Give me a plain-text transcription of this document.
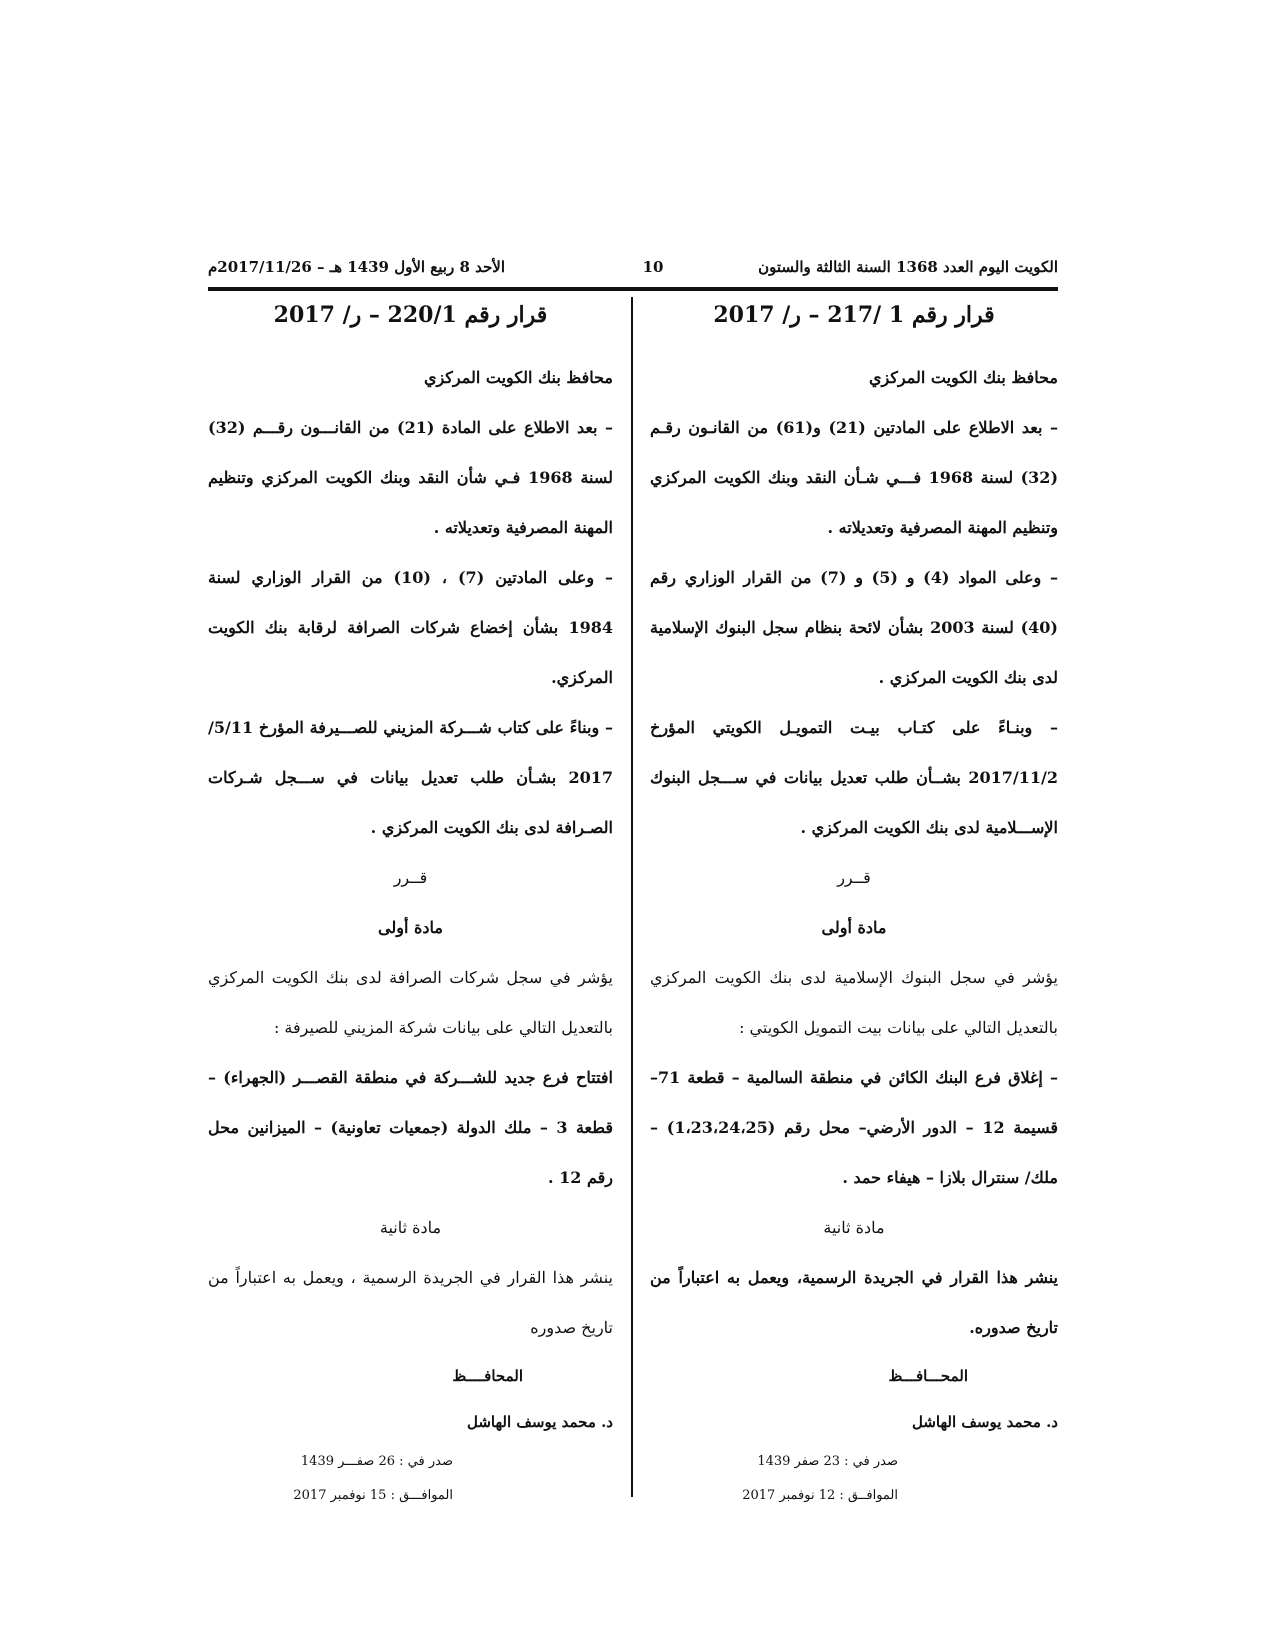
الكويت اليوم العدد 1368 السنة الثالثة والستون
10
الأحد 8 ربيع الأول 1439 هـ – 2017/11/26م
قرار رقم 1 /217 – ر/ 2017

محافظ بنك الكويت المركزي

– بعد الاطلاع على المادتين (21) و(61) من القانـون رقـم (32) لسنة 1968 فـــي شـأن النقد وبنك الكويت المركزي وتنظيم المهنة المصرفية وتعديلاته .

– وعلى المواد (4) و (5) و (7) من القرار الوزاري رقم (40) لسنة 2003 بشأن لائحة بنظام سجل البنوك الإسلامية لدى بنك الكويت المركزي .

– وبنـاءً على كتـاب بيـت التمويـل الكويتي المؤرخ 2017/11/2 بشــأن طلب تعديل بيانات في ســـجل البنوك الإســـلامية لدى بنك الكويت المركزي .

قــرر

مادة أولى

يؤشر في سجل البنوك الإسلامية لدى بنك الكويت المركزي بالتعديل التالي على بيانات بيت التمويل الكويتي :

– إغلاق فرع البنك الكائن في منطقة السالمية – قطعة 71– قسيمة 12 – الدور الأرضي– محل رقم (1،23،24،25) – ملك/ سنترال بلازا – هيفاء حمد .

مادة ثانية

ينشر هذا القرار في الجريدة الرسمية، ويعمل به اعتباراً من تاريخ صدوره.

المحـــافـــظ
د. محمد يوسف الهاشل
صدر في : 23 صفر 1439
الموافــق : 12 نوفمبر 2017
قرار رقم 220/1 – ر/ 2017

محافظ بنك الكويت المركزي

– بعد الاطلاع على المادة (21) من القانـــون رقـــم (32) لسنة 1968 فـي شأن النقد وبنك الكويت المركزي وتنظيم المهنة المصرفية وتعديلاته .

– وعلى المادتين (7) ، (10) من القرار الوزاري لسنة 1984 بشأن إخضاع شركات الصرافة لرقابة بنك الكويت المركزي.

– وبناءً على كتاب شـــركة المزيني للصـــيرفة المؤرخ 5/11/ 2017 بشـأن طلب تعديل بيانات في ســـجل شـركات الصـرافة لدى بنك الكويت المركزي .

قــرر

مادة أولى

يؤشر في سجل شركات الصرافة لدى بنك الكويت المركزي بالتعديل التالي على بيانات شركة المزيني للصيرفة :

افتتاح فرع جديد للشـــركة في منطقة القصـــر (الجهراء) – قطعة 3 – ملك الدولة (جمعيات تعاونية) – الميزانين محل رقم 12 .

مادة ثانية

ينشر هذا القرار في الجريدة الرسمية ، ويعمل به اعتباراً من تاريخ صدوره

المحافــــظ
د. محمد يوسف الهاشل
صدر في : 26 صفـــر 1439
الموافـــق : 15 نوفمبر 2017
